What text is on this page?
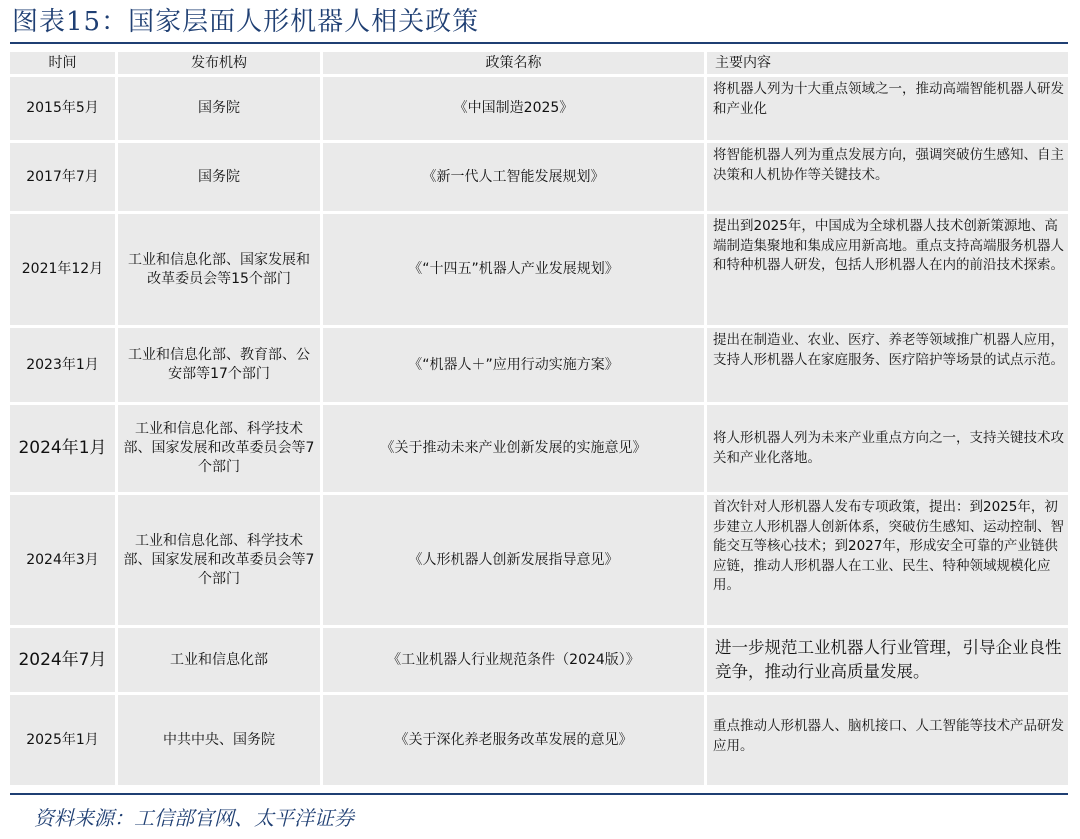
图表15：国家层面人形机器人相关政策
时间	发布机构	政策名称	主要内容
2015年5月	国务院	《中国制造2025》	将机器人列为十大重点领域之一，推动高端智能机器人研发和产业化
2017年7月	国务院	《新一代人工智能发展规划》	将智能机器人列为重点发展方向，强调突破仿生感知、自主决策和人机协作等关键技术。
2021年12月	工业和信息化部、国家发展和改革委员会等15个部门	《“十四五”机器人产业发展规划》	提出到2025年，中国成为全球机器人技术创新策源地、高端制造集聚地和集成应用新高地。重点支持高端服务机器人和特种机器人研发，包括人形机器人在内的前沿技术探索。
2023年1月	工业和信息化部、教育部、公安部等17个部门	《“机器人＋”应用行动实施方案》	提出在制造业、农业、医疗、养老等领域推广机器人应用，支持人形机器人在家庭服务、医疗陪护等场景的试点示范。
2024年1月	工业和信息化部、科学技术部、国家发展和改革委员会等7个部门	《关于推动未来产业创新发展的实施意见》	将人形机器人列为未来产业重点方向之一，支持关键技术攻关和产业化落地。
2024年3月	工业和信息化部、科学技术部、国家发展和改革委员会等7个部门	《人形机器人创新发展指导意见》	首次针对人形机器人发布专项政策，提出：到2025年，初步建立人形机器人创新体系，突破仿生感知、运动控制、智能交互等核心技术；到2027年，形成安全可靠的产业链供应链，推动人形机器人在工业、民生、特种领域规模化应用。
2024年7月	工业和信息化部	《工业机器人行业规范条件（2024版）》	进一步规范工业机器人行业管理，引导企业良性竞争，推动行业高质量发展。
2025年1月	中共中央、国务院	《关于深化养老服务改革发展的意见》	重点推动人形机器人、脑机接口、人工智能等技术产品研发应用。
资料来源：工信部官网、太平洋证券
